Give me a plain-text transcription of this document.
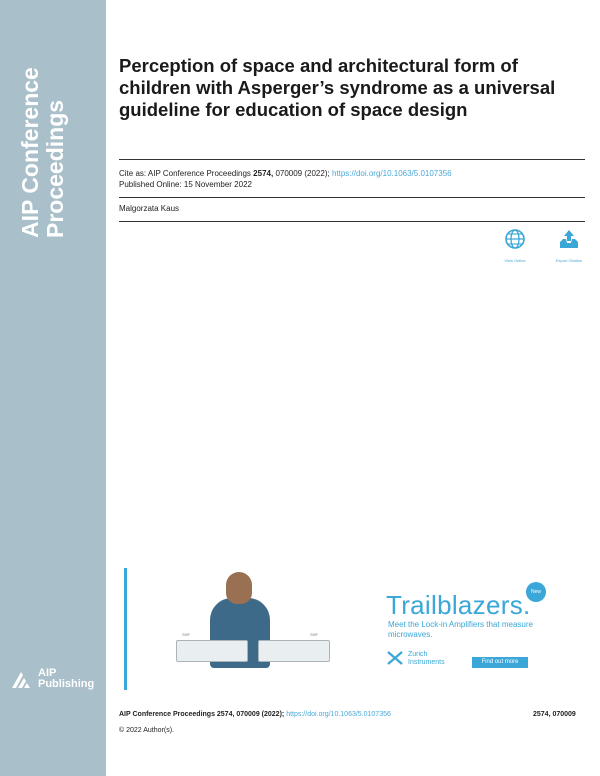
AIP Conference Proceedings
AIP
Publishing
Perception of space and architectural form of children with Asperger’s syndrome as a universal guideline for education of space design
Cite as: AIP Conference Proceedings 2574, 070009 (2022); https://doi.org/10.1063/5.0107356
Published Online: 15 November 2022
Malgorzata Kaus
View Online	Export Citation
SHF	SHF
New
Trailblazers.
Meet the Lock-in Amplifiers that measure microwaves.
Zurich
Instruments	Find out more
AIP Conference Proceedings 2574, 070009 (2022); https://doi.org/10.1063/5.0107356	2574, 070009
© 2022 Author(s).
